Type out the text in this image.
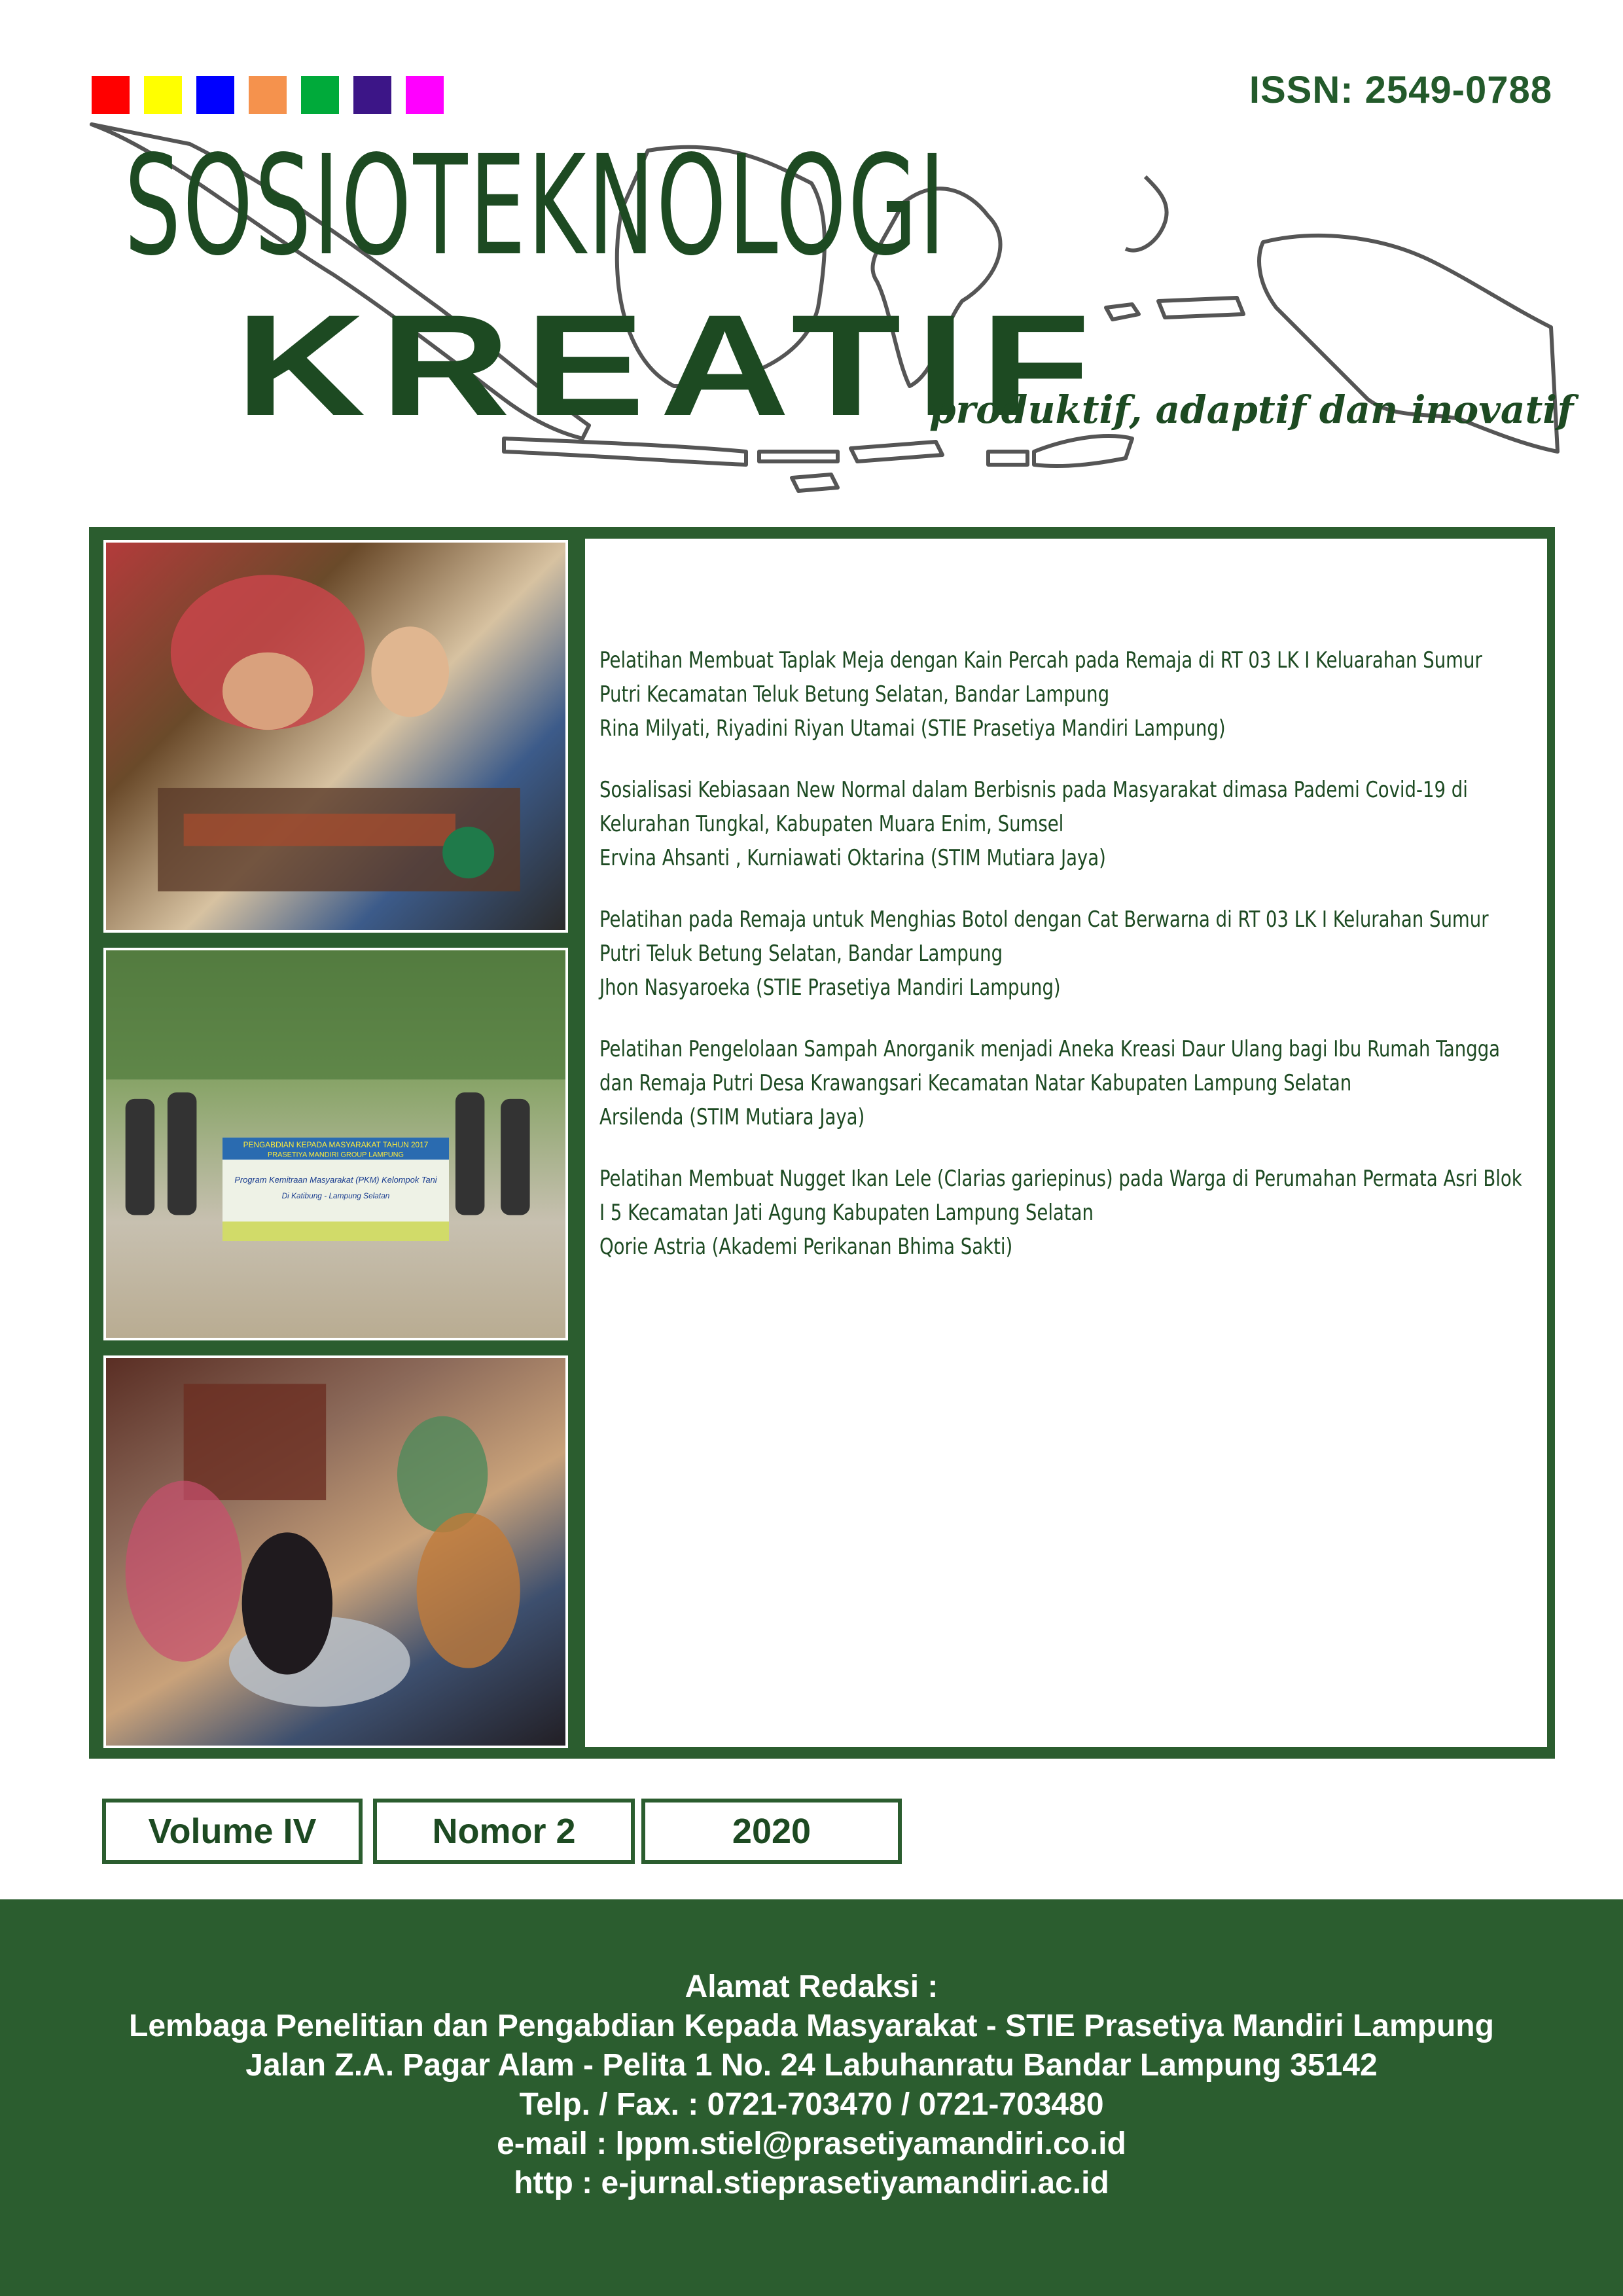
ISSN: 2549-0788
SOSIOTEKNOLOGI
KREATIF
produktif, adaptif dan inovatif
PENGABDIAN KEPADA MASYARAKAT TAHUN 2017
PRASETIYA MANDIRI GROUP LAMPUNG
Program Kemitraan Masyarakat (PKM) Kelompok Tani
Di Katibung - Lampung Selatan

Pelatihan Membuat Taplak Meja dengan Kain Percah pada Remaja di RT 03 LK I Keluarahan Sumur Putri Kecamatan Teluk Betung Selatan, Bandar Lampung

Rina Milyati, Riyadini Riyan Utamai (STIE Prasetiya Mandiri Lampung)

Sosialisasi Kebiasaan New Normal dalam Berbisnis pada Masyarakat dimasa Pademi Covid-19 di Kelurahan Tungkal, Kabupaten Muara Enim, Sumsel

Ervina Ahsanti , Kurniawati Oktarina (STIM Mutiara Jaya)

Pelatihan pada Remaja untuk Menghias Botol dengan Cat Berwarna di RT 03 LK I Kelurahan Sumur Putri Teluk Betung Selatan, Bandar Lampung

Jhon Nasyaroeka (STIE Prasetiya Mandiri Lampung)

Pelatihan Pengelolaan Sampah Anorganik menjadi Aneka Kreasi Daur Ulang bagi Ibu Rumah Tangga dan Remaja Putri Desa Krawangsari Kecamatan Natar Kabupaten Lampung Selatan

Arsilenda (STIM Mutiara Jaya)

Pelatihan Membuat Nugget Ikan Lele (Clarias gariepinus) pada Warga di Perumahan Permata Asri Blok I 5 Kecamatan Jati Agung Kabupaten Lampung Selatan

Qorie Astria (Akademi Perikanan Bhima Sakti)

Volume IV	Nomor 2	2020
Alamat Redaksi :
Lembaga Penelitian dan Pengabdian Kepada Masyarakat - STIE Prasetiya Mandiri Lampung
Jalan Z.A. Pagar Alam - Pelita 1 No. 24 Labuhanratu Bandar Lampung 35142
Telp. / Fax. : 0721-703470 / 0721-703480
e-mail : lppm.stiel@prasetiyamandiri.co.id
http : e-jurnal.stieprasetiyamandiri.ac.id
